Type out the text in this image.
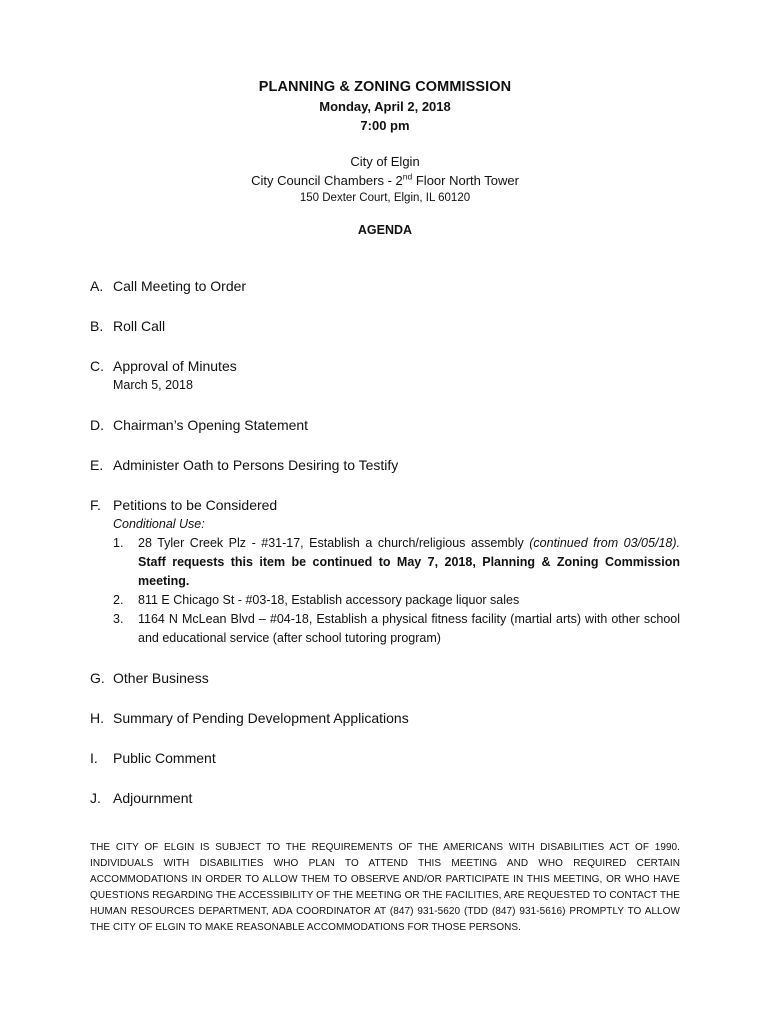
PLANNING & ZONING COMMISSION
Monday, April 2, 2018
7:00 pm
City of Elgin
City Council Chambers - 2nd Floor North Tower
150 Dexter Court, Elgin, IL 60120
AGENDA
A. Call Meeting to Order
B. Roll Call
C. Approval of Minutes
March 5, 2018
D. Chairman’s Opening Statement
E. Administer Oath to Persons Desiring to Testify
F. Petitions to be Considered
Conditional Use:
1. 28 Tyler Creek Plz - #31-17, Establish a church/religious assembly (continued from 03/05/18). Staff requests this item be continued to May 7, 2018, Planning & Zoning Commission meeting.
2. 811 E Chicago St - #03-18, Establish accessory package liquor sales
3. 1164 N McLean Blvd – #04-18, Establish a physical fitness facility (martial arts) with other school and educational service (after school tutoring program)
G. Other Business
H. Summary of Pending Development Applications
I.	Public Comment
J. Adjournment
THE CITY OF ELGIN IS SUBJECT TO THE REQUIREMENTS OF THE AMERICANS WITH DISABILITIES ACT OF 1990. INDIVIDUALS WITH DISABILITIES WHO PLAN TO ATTEND THIS MEETING AND WHO REQUIRED CERTAIN ACCOMMODATIONS IN ORDER TO ALLOW THEM TO OBSERVE AND/OR PARTICIPATE IN THIS MEETING, OR WHO HAVE QUESTIONS REGARDING THE ACCESSIBILITY OF THE MEETING OR THE FACILITIES, ARE REQUESTED TO CONTACT THE HUMAN RESOURCES DEPARTMENT, ADA COORDINATOR AT (847) 931-5620 (TDD (847) 931-5616) PROMPTLY TO ALLOW THE CITY OF ELGIN TO MAKE REASONABLE ACCOMMODATIONS FOR THOSE PERSONS.
